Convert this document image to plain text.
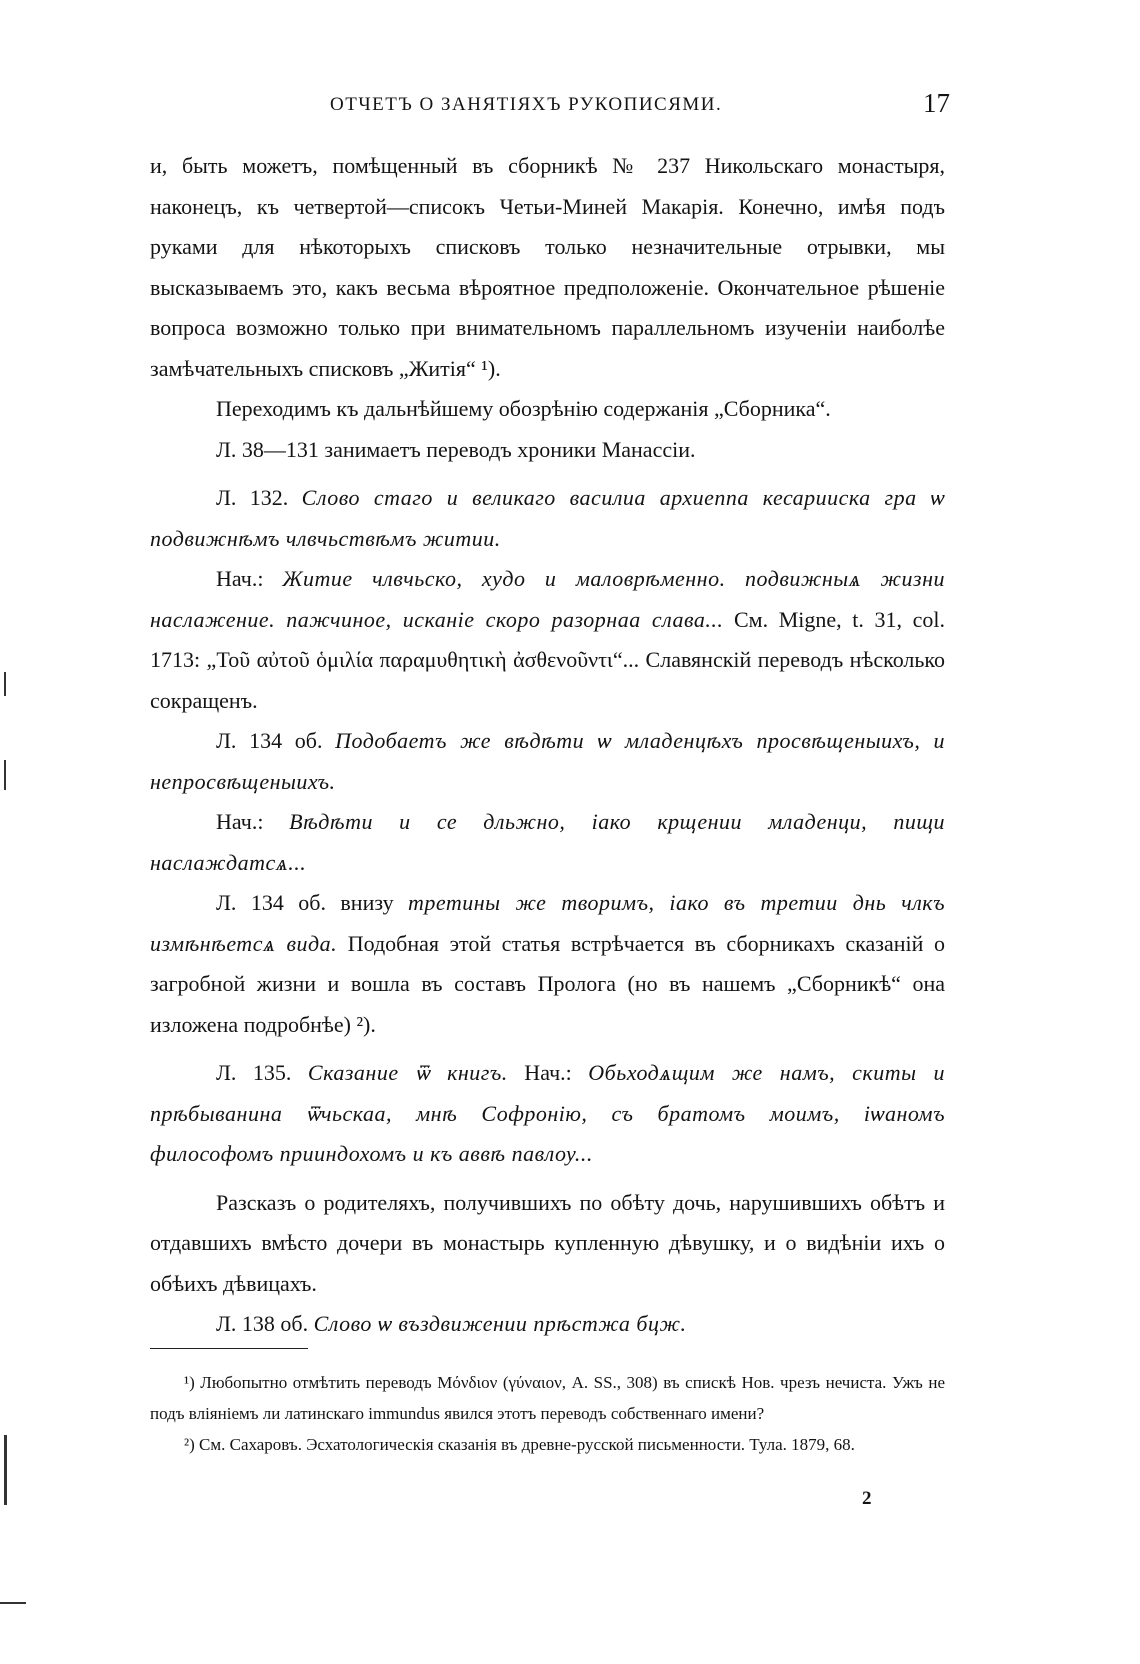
ОТЧЕТЪ О ЗАНЯТІЯХЪ РУКОПИСЯМИ.	17

и, быть можетъ, помѣщенный въ сборникѣ № 237 Никольскаго монастыря, наконецъ, къ четвертой—списокъ Четьи-Миней Макарія. Конечно, имѣя подъ руками для нѣкоторыхъ списковъ только незначительные отрывки, мы высказываемъ это, какъ весьма вѣроятное предположеніе. Окончательное рѣшеніе вопроса возможно только при внимательномъ параллельномъ изученіи наиболѣе замѣчательныхъ списковъ „Житія“ ¹).

Переходимъ къ дальнѣйшему обозрѣнію содержанія „Сборника“.

Л. 38—131 занимаетъ переводъ хроники Манассіи.

Л. 132. Слово стаго и великаго василиа архиеппа кесарииска гра ѡ подвижнѣмъ члвчьствѣмъ житии.

Нач.: Житие члвчьско, худо и маловрѣменно. подвижныѧ жизни наслажение. пажчиное, исканіе скоро разорнаа слава... См. Migne, t. 31, col. 1713: „Τοῦ αὐτοῦ ὁμιλία παραμυθητικὴ ἀσθενοῦντι“... Славянскій переводъ нѣсколько сокращенъ.

Л. 134 об. Подобаетъ же вѣдѣти ѡ младенцѣхъ просвѣщеныихъ, и непросвѣщеныихъ.

Нач.: Вѣдѣти и се дльжно, іако крщении младенци, пищи наслаждатсѧ...

Л. 134 об. внизу третины же творимъ, іако въ третии днь члкъ измѣнѣетсѧ вида. Подобная этой статья встрѣчается въ сборникахъ сказаній о загробной жизни и вошла въ составъ Пролога (но въ нашемъ „Сборникѣ“ она изложена подробнѣе) ²).

Л. 135. Сказание ѿ книгъ. Нач.: Обьходѧщим же намъ, скиты и прѣбыванина ѿчьскаа, мнѣ Софронію, съ братомъ моимъ, іѡаномъ философомъ прииндохомъ и къ аввѣ павлоу...

Разсказъ о родителяхъ, получившихъ по обѣту дочь, нарушившихъ обѣтъ и отдавшихъ вмѣсто дочери въ монастырь купленную дѣвушку, и о видѣніи ихъ о обѣихъ дѣвицахъ.

Л. 138 об. Слово ѡ въздвижении прѣстжа бцж.

¹) Любопытно отмѣтить переводъ Μόνδιον (γύναιον, A. SS., 308) въ спискѣ Нов. чрезъ нечиста. Ужъ не подъ вліяніемъ ли латинскаго immundus явился этотъ переводъ собственнаго имени?

²) См. Сахаровъ. Эсхатологическія сказанія въ древне-русской письменности. Тула. 1879, 68.

2
